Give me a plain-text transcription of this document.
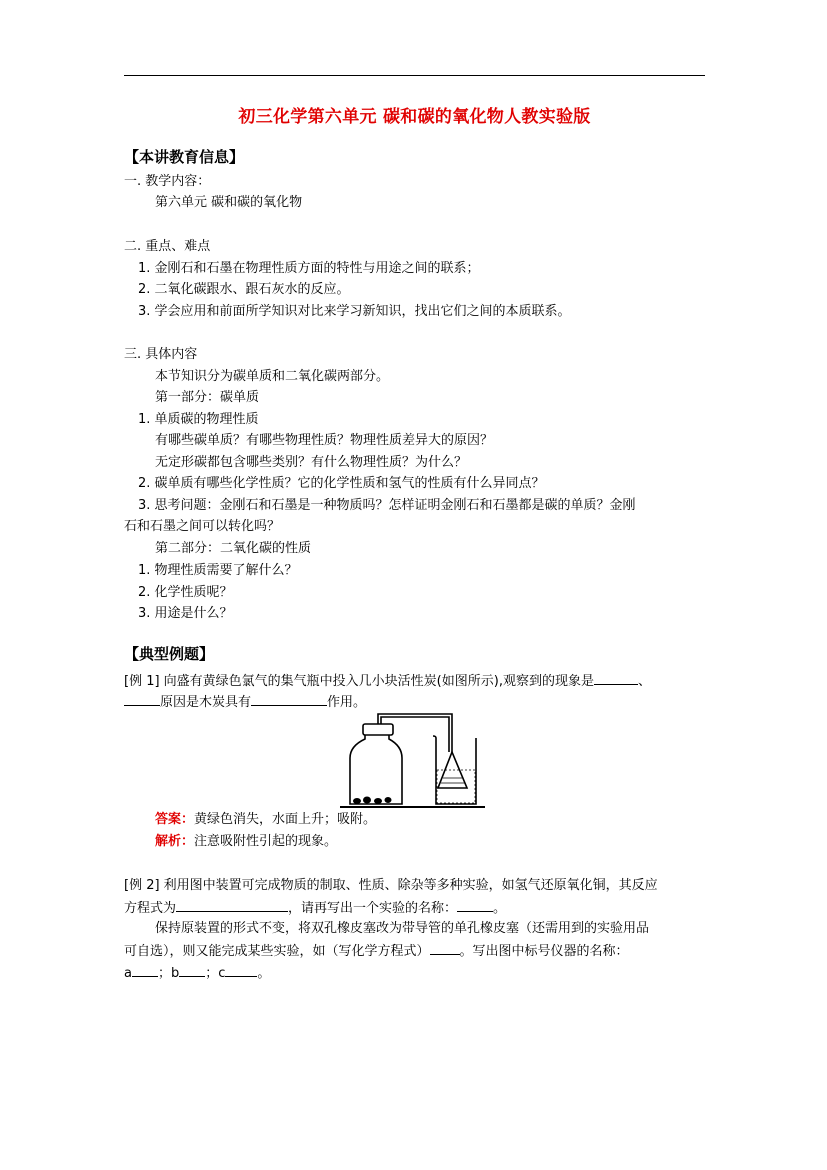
初三化学第六单元 碳和碳的氧化物人教实验版
【本讲教育信息】
一. 教学内容：
第六单元 碳和碳的氧化物
二. 重点、难点
1. 金刚石和石墨在物理性质方面的特性与用途之间的联系；
2. 二氧化碳跟水、跟石灰水的反应。
3. 学会应用和前面所学知识对比来学习新知识，找出它们之间的本质联系。
三. 具体内容
本节知识分为碳单质和二氧化碳两部分。
第一部分：碳单质
1. 单质碳的物理性质
有哪些碳单质？有哪些物理性质？物理性质差异大的原因？
无定形碳都包含哪些类别？有什么物理性质？为什么？
2. 碳单质有哪些化学性质？它的化学性质和氢气的性质有什么异同点？
3. 思考问题：金刚石和石墨是一种物质吗？怎样证明金刚石和石墨都是碳的单质？金刚
石和石墨之间可以转化吗？
第二部分：二氧化碳的性质
1. 物理性质需要了解什么？
2. 化学性质呢？
3. 用途是什么？
【典型例题】
[例 1] 向盛有黄绿色氯气的集气瓶中投入几小块活性炭(如图所示),观察到的现象是	、
原因是木炭具有	作用。
答案：黄绿色消失，水面上升；吸附。
解析：注意吸附性引起的现象。
[例 2] 利用图中装置可完成物质的制取、性质、除杂等多种实验，如氢气还原氧化铜，其反应
方程式为	，请再写出一个实验的名称：	。
保持原装置的形式不变，将双孔橡皮塞改为带导管的单孔橡皮塞（还需用到的实验用品
可自选），则又能完成某些实验，如（写化学方程式） 。写出图中标号仪器的名称：
a ；b ；c 。
